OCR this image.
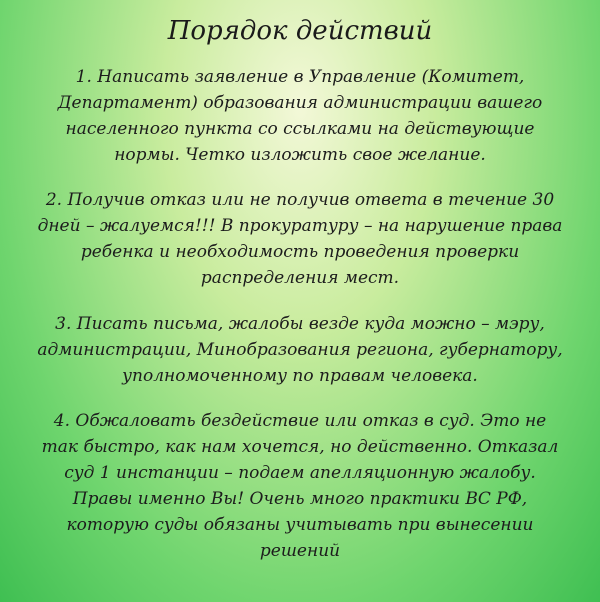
Порядок действий

1. Написать заявление в Управление (Комитет,
Департамент) образования администрации вашего
населенного пункта со ссылками на действующие
нормы. Четко изложить свое желание.

2. Получив отказ или не получив ответа в течение 30
дней – жалуемся!!! В прокуратуру – на нарушение права
ребенка и необходимость проведения проверки
распределения мест.

3. Писать письма, жалобы везде куда можно – мэру,
администрации, Минобразования региона, губернатору,
уполномоченному по правам человека.

4. Обжаловать бездействие или отказ в суд. Это не
так быстро, как нам хочется, но действенно. Отказал
суд 1 инстанции – подаем апелляционную жалобу.
Правы именно Вы! Очень много практики ВС РФ,
которую суды обязаны учитывать при вынесении
решений
